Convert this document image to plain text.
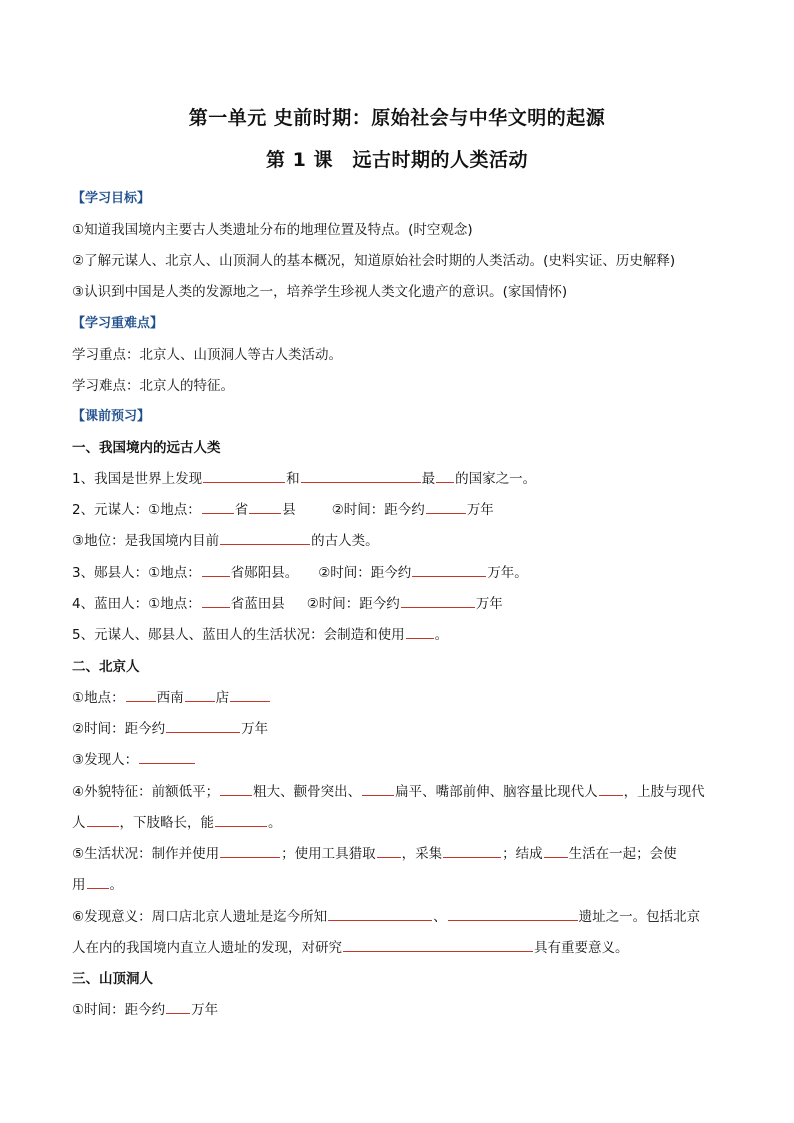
第一单元 史前时期：原始社会与中华文明的起源
第 1 课　远古时期的人类活动
【学习目标】
①知道我国境内主要古人类遗址分布的地理位置及特点。(时空观念)
②了解元谋人、北京人、山顶洞人的基本概况，知道原始社会时期的人类活动。(史料实证、历史解释)
③认识到中国是人类的发源地之一，培养学生珍视人类文化遗产的意识。(家国情怀)
【学习重难点】
学习重点：北京人、山顶洞人等古人类活动。
学习难点：北京人的特征。
【课前预习】
一、我国境内的远古人类
1、我国是世界上发现	和	最 的国家之一。
2、元谋人：①地点：	省	县	②时间：距今约	万年
③地位：是我国境内目前	的古人类。
3、郧县人：①地点： 省郧阳县。 ②时间：距今约	万年。
4、蓝田人：①地点： 省蓝田县 ②时间：距今约	万年
5、元谋人、郧县人、蓝田人的生活状况：会制造和使用 。
二、北京人
①地点： 西南 店
②时间：距今约	万年
③发现人：
④外貌特征：前额低平；	粗大、颧骨突出、	扁平、嘴部前伸、脑容量比现代人 ，上肢与现代
人	，下肢略长，能	。
⑤生活状况：制作并使用	；使用工具猎取 ，采集	；结成 生活在一起；会使
用 。
⑥发现意义：周口店北京人遗址是迄今所知	、	遗址之一。包括北京
人在内的我国境内直立人遗址的发现，对研究	具有重要意义。
三、山顶洞人
①时间：距今约 万年
